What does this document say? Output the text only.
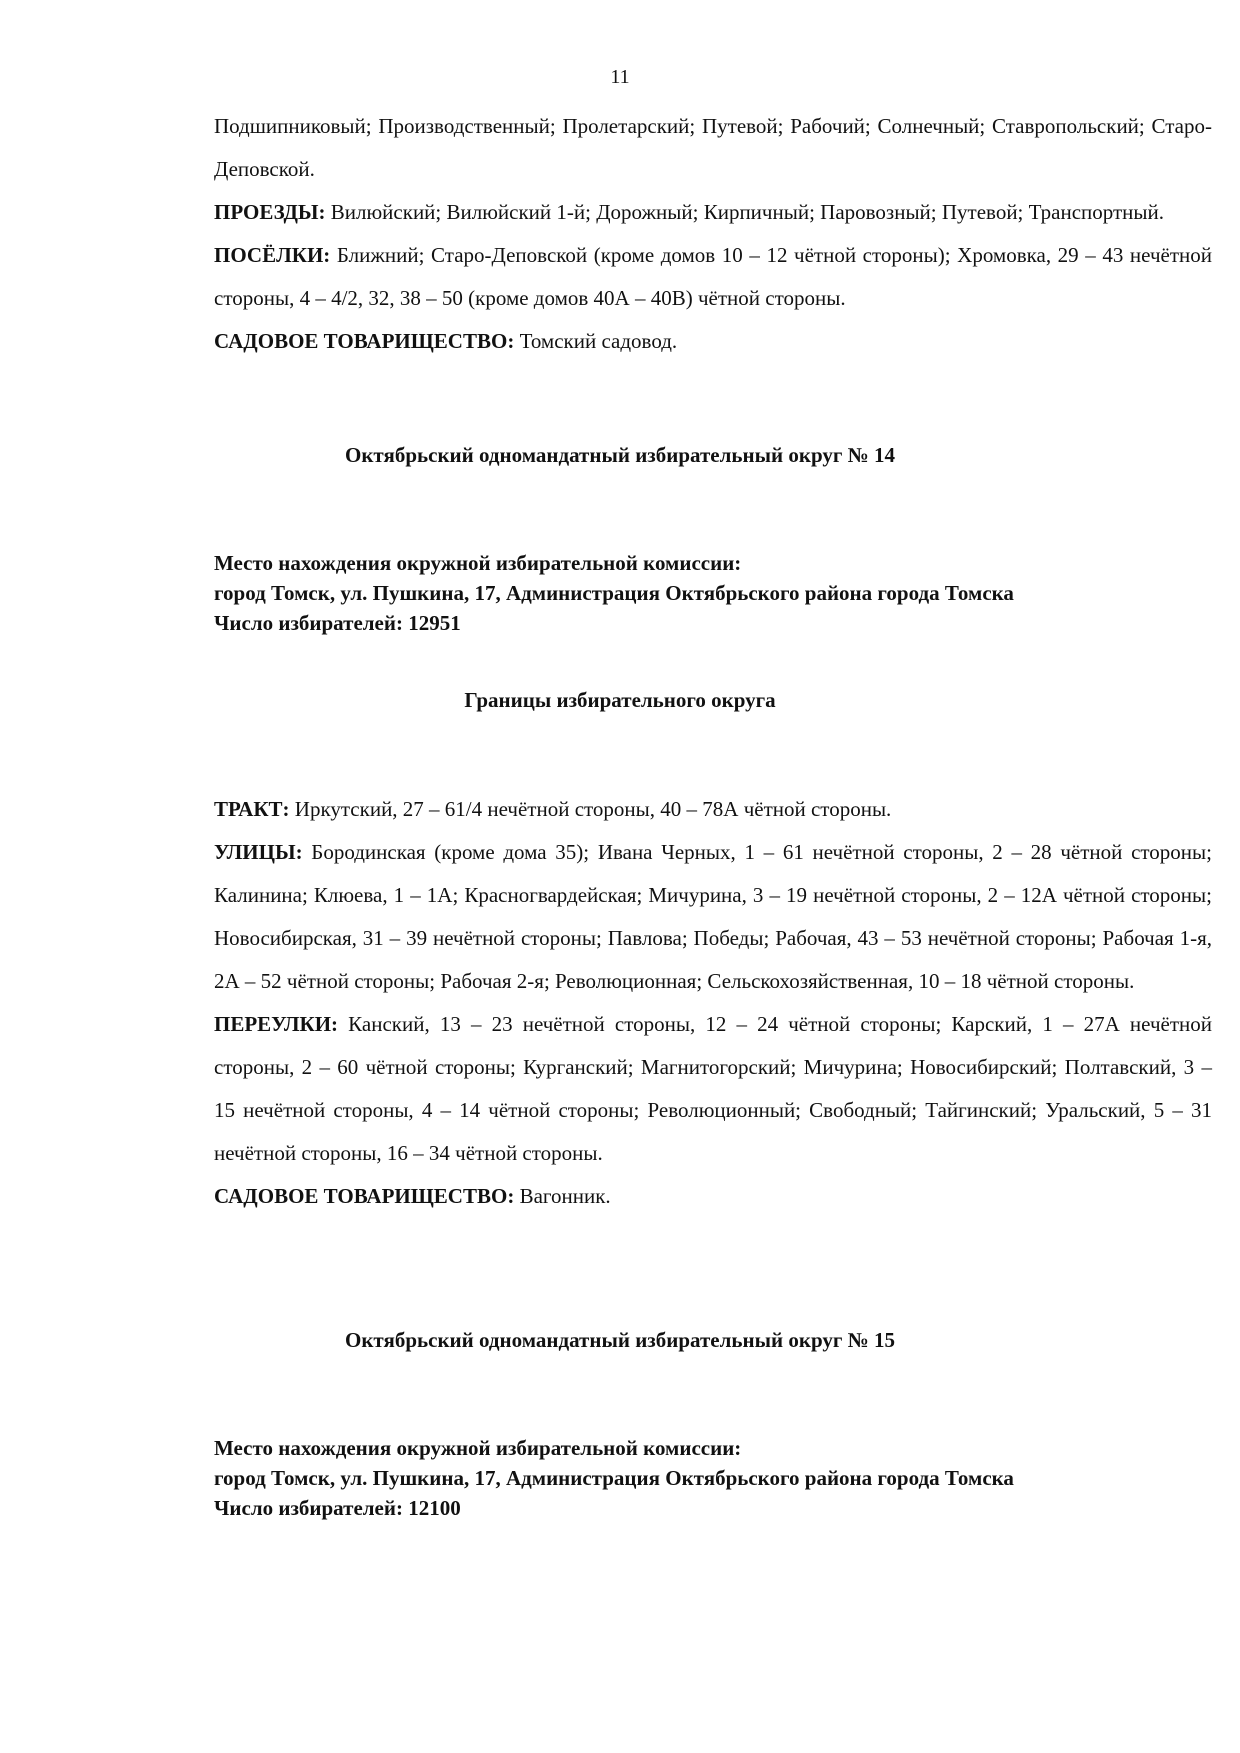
11

Подшипниковый; Производственный; Пролетарский; Путевой; Рабочий; Солнечный; Ставропольский; Старо-Деповской.

ПРОЕЗДЫ: Вилюйский; Вилюйский 1-й; Дорожный; Кирпичный; Паровозный; Путевой; Транспортный.

ПОСЁЛКИ: Ближний; Старо-Деповской (кроме домов 10 – 12 чётной стороны); Хромовка, 29 – 43 нечётной стороны, 4 – 4/2, 32, 38 – 50 (кроме домов 40А – 40В) чётной стороны.

САДОВОЕ ТОВАРИЩЕСТВО: Томский садовод.

Октябрьский одномандатный избирательный округ № 14
Место нахождения окружной избирательной комиссии:
город Томск, ул. Пушкина, 17, Администрация Октябрьского района города Томска
Число избирателей: 12951
Границы избирательного округа

ТРАКТ: Иркутский, 27 – 61/4 нечётной стороны, 40 – 78А чётной стороны.

УЛИЦЫ: Бородинская (кроме дома 35); Ивана Черных, 1 – 61 нечётной стороны, 2 – 28 чётной стороны; Калинина; Клюева, 1 – 1А; Красногвардейская; Мичурина, 3 – 19 нечётной стороны, 2 – 12А чётной стороны; Новосибирская, 31 – 39 нечётной стороны; Павлова; Победы; Рабочая, 43 – 53 нечётной стороны; Рабочая 1-я, 2А – 52 чётной стороны; Рабочая 2-я; Революционная; Сельскохозяйственная, 10 – 18 чётной стороны.

ПЕРЕУЛКИ: Канский, 13 – 23 нечётной стороны, 12 – 24 чётной стороны; Карский, 1 – 27А нечётной стороны, 2 – 60 чётной стороны; Курганский; Магнитогорский; Мичурина; Новосибирский; Полтавский, 3 – 15 нечётной стороны, 4 – 14 чётной стороны; Революционный; Свободный; Тайгинский; Уральский, 5 – 31 нечётной стороны, 16 – 34 чётной стороны.

САДОВОЕ ТОВАРИЩЕСТВО: Вагонник.

Октябрьский одномандатный избирательный округ № 15
Место нахождения окружной избирательной комиссии:
город Томск, ул. Пушкина, 17, Администрация Октябрьского района города Томска
Число избирателей: 12100
